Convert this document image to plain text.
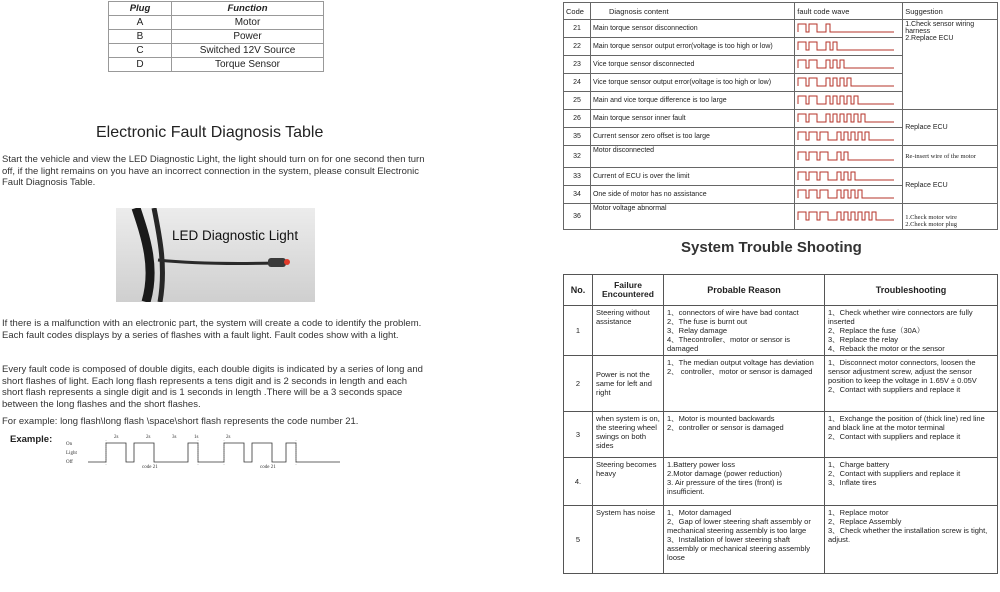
Plug	Function
A	Motor
B	Power
C	Switched 12V Source
D	Torque Sensor
Electronic Fault Diagnosis Table

Start the vehicle and view the LED Diagnostic Light, the light should turn on for one second then turn off, if the light remains on you have an incorrect connection in the system, please consult Electronic Fault Diagnosis Table.

LED Diagnostic Light

If there is a malfunction with an electronic part, the system will create a code to identify the problem. Each fault codes displays by a series of flashes with a fault light. Fault codes show with a light.

Every fault code is composed of double digits, each double digits is indicated by a series of long and short flashes of light. Each long flash represents a tens digit and is 2 seconds in length and each short flash represents a single digit and is 1 seconds in length .There will be a 3 seconds space between the long flashes and the short flashes.

For example: long flash\long flash \space\short flash represents the code number 21.

Example:	On
Light
Off
2s	2s	3s	1s	2s
code 21	code 21
Code	Diagnosis content	fault code wave	Suggestion
21	Main torque sensor disconnection		1.Check sensor wiring harness
2.Replace ECU

22	Main torque sensor output error(voltage is too high or low)	
23	Vice torque sensor disconnected	
24	Vice torque sensor output error(voltage is too high or low)	
25	Main and vice torque difference is too large	
26	Main torque sensor inner fault		Replace ECU
35	Current sensor zero offset is too large	
32	Motor disconnected		Re-insert wire of the motor
33	Current of ECU is over the limit		Replace ECU
34	One side of motor has no assistance	
36	Motor voltage abnormal		1.Check motor wire
2.Check motor plug
System Trouble Shooting
No.	Failure Encountered	Probable Reason	Troubleshooting
1	Steering without assistance	1、connectors of wire have bad contact
2、The fuse is burnt out
3、Relay damage
4、Thecontroller、motor or sensor is damaged	1、Check whether wire connectors are fully inserted
2、Replace the fuse（30A）
3、Replace the relay
4、Reback the motor or the sensor

2	Power is not the same for left and right	1、The median output voltage has deviation
2、 controller、motor or sensor is damaged	1、Disconnect motor connectors, loosen the sensor adjustment screw, adjust the sensor position to keep the voltage in 1.65V ± 0.05V
2、Contact with suppliers and replace it

3	when system is on, the steering wheel swings on both sides	1、Motor is mounted backwards
2、controller or sensor is damaged	1、Exchange the position of (thick line) red line and black line at the motor terminal
2、Contact with suppliers and replace it

4.	Steering becomes heavy	1.Battery power loss
2.Motor damage (power reduction)
3. Air pressure of the tires (front) is insufficient.	1、Charge battery
2、Contact with suppliers and replace it
3、Inflate tires

5	System has noise	1、Motor damaged
2、Gap of lower steering shaft assembly or mechanical steering assembly is too large
3、Installation of lower steering shaft assembly or mechanical steering assembly loose	1、Replace motor
2、Replace Assembly
3、Check whether the installation screw is tight, adjust.
